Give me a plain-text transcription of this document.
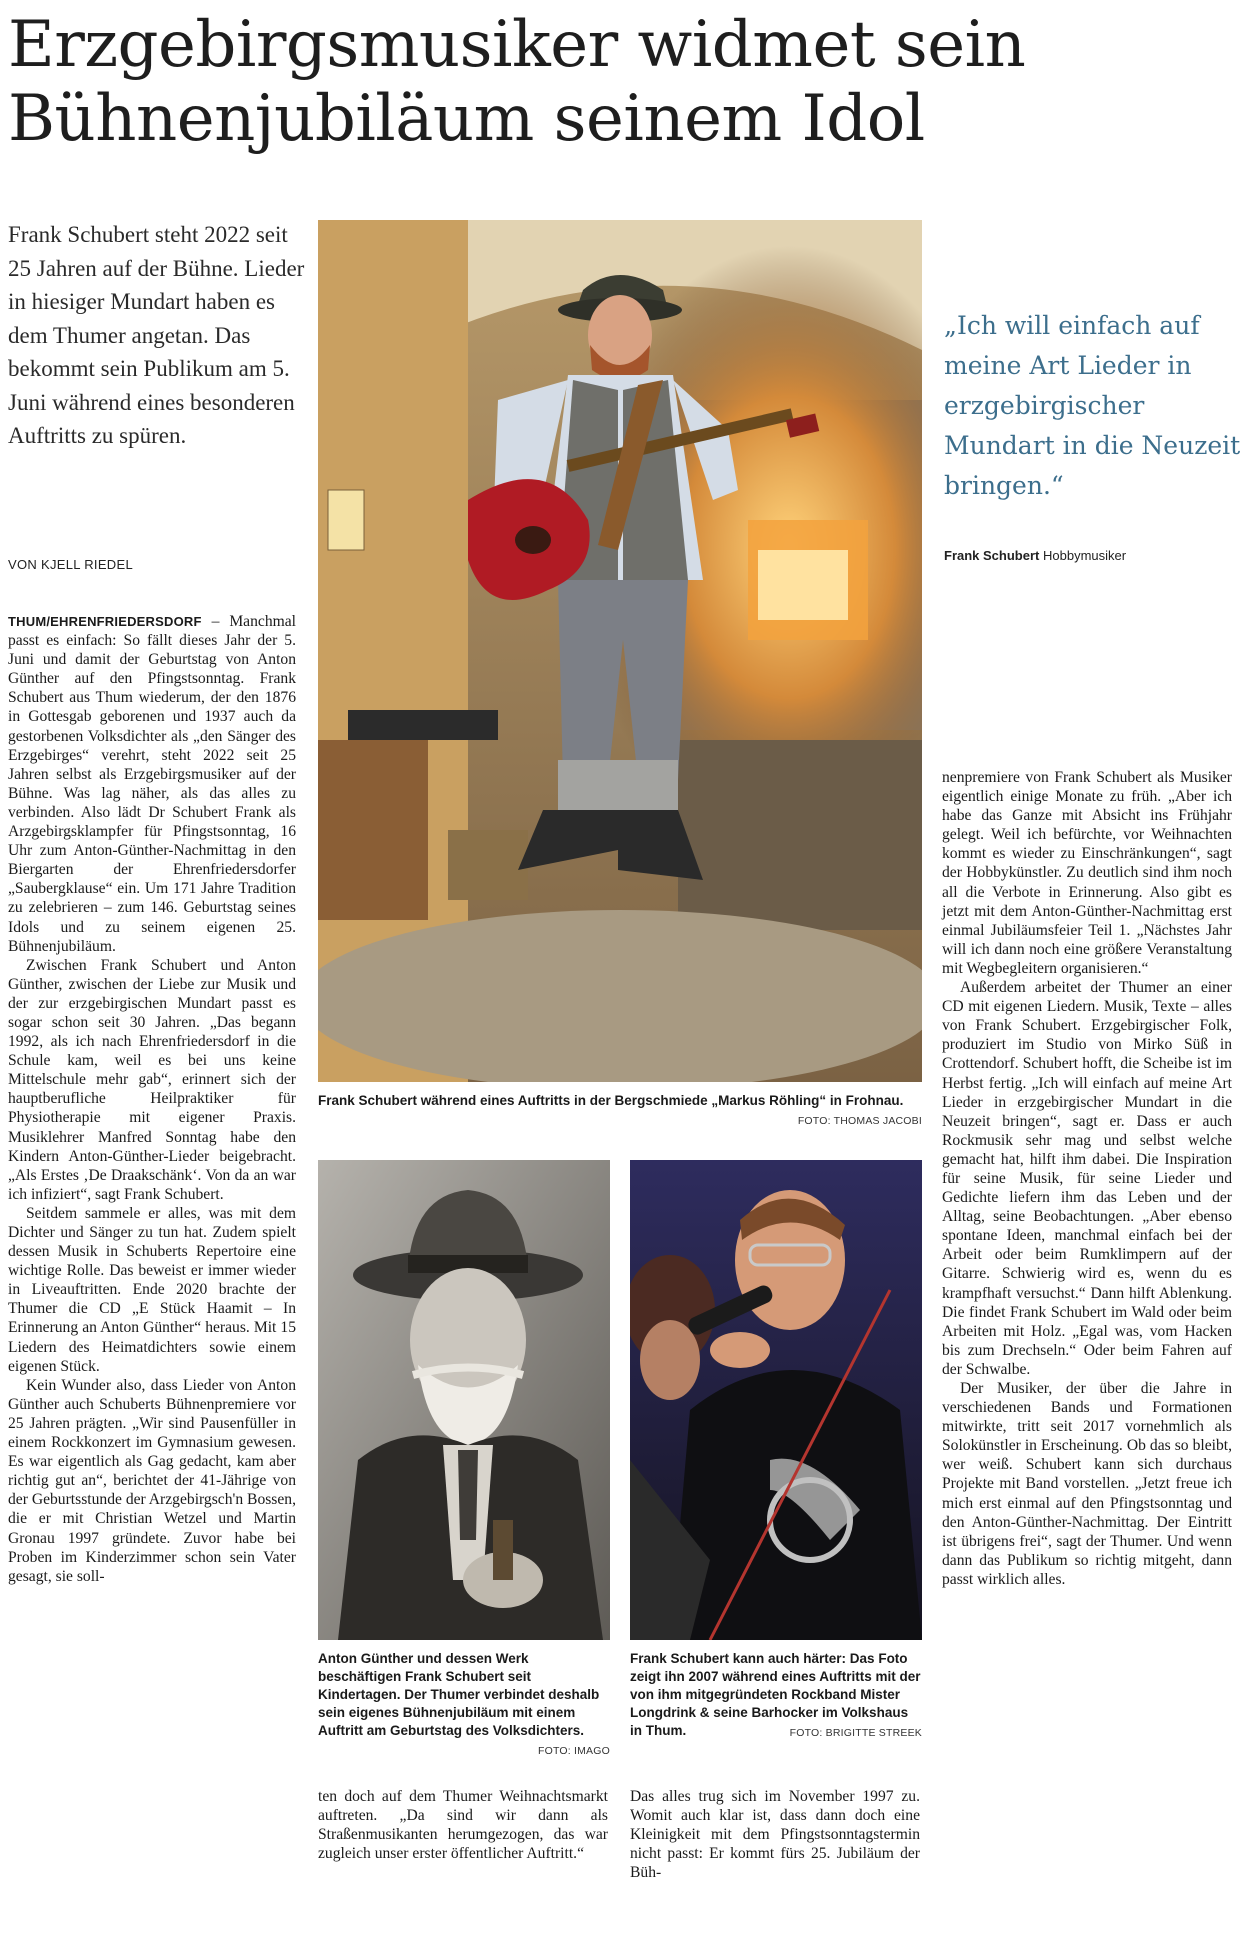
Erzgebirgsmusiker widmet sein Bühnenjubiläum seinem Idol
Frank Schubert steht 2022 seit 25 Jahren auf der Bühne. Lieder in hiesiger Mundart haben es dem Thumer angetan. Das bekommt sein Publikum am 5. Juni während eines besonderen Auftritts zu spüren.
VON KJELL RIEDEL

THUM/EHRENFRIEDERSDORF – Manchmal passt es einfach: So fällt dieses Jahr der 5. Juni und damit der Geburtstag von Anton Günther auf den Pfingstsonntag. Frank Schubert aus Thum wiederum, der den 1876 in Gottesgab geborenen und 1937 auch da gestorbenen Volksdichter als „den Sänger des Erzgebirges“ verehrt, steht 2022 seit 25 Jahren selbst als Erzgebirgsmusiker auf der Bühne. Was lag näher, als das alles zu verbinden. Also lädt Dr Schubert Frank als Arzgebirgsklampfer für Pfingstsonntag, 16 Uhr zum Anton-Günther-Nachmittag in den Biergarten der Ehrenfriedersdorfer „Saubergklause“ ein. Um 171 Jahre Tradition zu zelebrieren – zum 146. Geburtstag seines Idols und zu seinem eigenen 25. Bühnenjubiläum.

Zwischen Frank Schubert und Anton Günther, zwischen der Liebe zur Musik und der zur erzgebirgischen Mundart passt es sogar schon seit 30 Jahren. „Das begann 1992, als ich nach Ehrenfriedersdorf in die Schule kam, weil es bei uns keine Mittelschule mehr gab“, erinnert sich der hauptberufliche Heilpraktiker für Physiotherapie mit eigener Praxis. Musiklehrer Manfred Sonntag habe den Kindern Anton-Günther-Lieder beigebracht. „Als Erstes ‚De Draakschänk‘. Von da an war ich infiziert“, sagt Frank Schubert.

Seitdem sammele er alles, was mit dem Dichter und Sänger zu tun hat. Zudem spielt dessen Musik in Schuberts Repertoire eine wichtige Rolle. Das beweist er immer wieder in Liveauftritten. Ende 2020 brachte der Thumer die CD „E Stück Haamit – In Erinnerung an Anton Günther“ heraus. Mit 15 Liedern des Heimatdichters sowie einem eigenen Stück.

Kein Wunder also, dass Lieder von Anton Günther auch Schuberts Bühnenpremiere vor 25 Jahren prägten. „Wir sind Pausenfüller in einem Rockkonzert im Gymnasium gewesen. Es war eigentlich als Gag gedacht, kam aber richtig gut an“, berichtet der 41-Jährige von der Geburtsstunde der Arzgebirgsch'n Bossen, die er mit Christian Wetzel und Martin Gronau 1997 gründete. Zuvor habe bei Proben im Kinderzimmer schon sein Vater gesagt, sie soll-

Frank Schubert während eines Auftritts in der Bergschmiede „Markus Röhling“ in Frohnau.
FOTO: THOMAS JACOBI
„Ich will einfach auf meine Art Lieder in erzgebirgischer Mundart in die Neuzeit bringen.“
Frank Schubert Hobbymusiker

nenpremiere von Frank Schubert als Musiker eigentlich einige Monate zu früh. „Aber ich habe das Ganze mit Absicht ins Frühjahr gelegt. Weil ich befürchte, vor Weihnachten kommt es wieder zu Einschränkungen“, sagt der Hobbykünstler. Zu deutlich sind ihm noch all die Verbote in Erinnerung. Also gibt es jetzt mit dem Anton-Günther-Nachmittag erst einmal Jubiläumsfeier Teil 1. „Nächstes Jahr will ich dann noch eine größere Veranstaltung mit Wegbegleitern organisieren.“

Außerdem arbeitet der Thumer an einer CD mit eigenen Liedern. Musik, Texte – alles von Frank Schubert. Erzgebirgischer Folk, produziert im Studio von Mirko Süß in Crottendorf. Schubert hofft, die Scheibe ist im Herbst fertig. „Ich will einfach auf meine Art Lieder in erzgebirgischer Mundart in die Neuzeit bringen“, sagt er. Dass er auch Rockmusik sehr mag und selbst welche gemacht hat, hilft ihm dabei. Die Inspiration für seine Musik, für seine Lieder und Gedichte liefern ihm das Leben und der Alltag, seine Beobachtungen. „Aber ebenso spontane Ideen, manchmal einfach bei der Arbeit oder beim Rumklimpern auf der Gitarre. Schwierig wird es, wenn du es krampfhaft versuchst.“ Dann hilft Ablenkung. Die findet Frank Schubert im Wald oder beim Arbeiten mit Holz. „Egal was, vom Hacken bis zum Drechseln.“ Oder beim Fahren auf der Schwalbe.

Der Musiker, der über die Jahre in verschiedenen Bands und Formationen mitwirkte, tritt seit 2017 vornehmlich als Solokünstler in Erscheinung. Ob das so bleibt, wer weiß. Schubert kann sich durchaus Projekte mit Band vorstellen. „Jetzt freue ich mich erst einmal auf den Pfingstsonntag und den Anton-Günther-Nachmittag. Der Eintritt ist übrigens frei“, sagt der Thumer. Und wenn dann das Publikum so richtig mitgeht, dann passt wirklich alles.

Anton Günther und dessen Werk beschäftigen Frank Schubert seit Kindertagen. Der Thumer verbindet deshalb sein eigenes Bühnenjubiläum mit einem Auftritt am Geburtstag des Volksdichters.
FOTO: IMAGO
Frank Schubert kann auch härter: Das Foto zeigt ihn 2007 während eines Auftritts mit der von ihm mitgegründeten Rockband Mister Longdrink & seine Barhocker im Volkshaus in Thum.	FOTO: BRIGITTE STREEK

ten doch auf dem Thumer Weihnachtsmarkt auftreten. „Da sind wir dann als Straßenmusikanten herumgezogen, das war zugleich unser erster öffentlicher Auftritt.“

Das alles trug sich im November 1997 zu. Womit auch klar ist, dass dann doch eine Kleinigkeit mit dem Pfingstsonntagstermin nicht passt: Er kommt fürs 25. Jubiläum der Büh-
